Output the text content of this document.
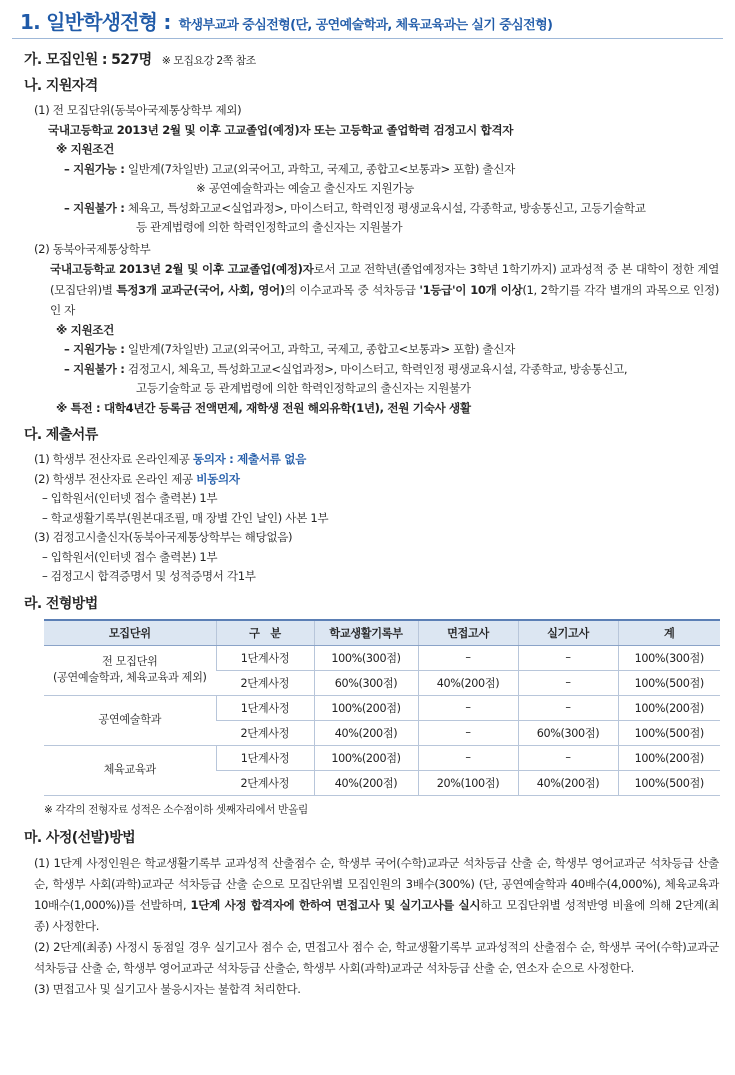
1. 일반학생전형 : 학생부교과 중심전형(단, 공연예술학과, 체육교육과는 실기 중심전형)
가. 모집인원 : 527명 ※ 모집요강 2쪽 참조
나. 지원자격
(1) 전 모집단위(동북아국제통상학부 제외)
국내고등학교 2013년 2월 및 이후 고교졸업(예정)자 또는 고등학교 졸업학력 검정고시 합격자
※ 지원조건
– 지원가능 : 일반계(7차일반) 고교(외국어고, 과학고, 국제고, 종합고<보통과> 포함) 출신자
※ 공연예술학과는 예술고 출신자도 지원가능
– 지원불가 : 체육고, 특성화고교<실업과정>, 마이스터고, 학력인정 평생교육시설, 각종학교, 방송통신고, 고등기술학교
등 관계법령에 의한 학력인정학교의 출신자는 지원불가
(2) 동북아국제통상학부
국내고등학교 2013년 2월 및 이후 고교졸업(예정)자로서 고교 전학년(졸업예정자는 3학년 1학기까지) 교과성적 중 본 대학이 정한 계열(모집단위)별 특정3개 교과군(국어, 사회, 영어)의 이수교과목 중 석차등급 '1등급'이 10개 이상(1, 2학기를 각각 별개의 과목으로 인정)인 자
※ 지원조건
– 지원가능 : 일반계(7차일반) 고교(외국어고, 과학고, 국제고, 종합고<보통과> 포함) 출신자
– 지원불가 : 검정고시, 체육고, 특성화고교<실업과정>, 마이스터고, 학력인정 평생교육시설, 각종학교, 방송통신고,
고등기술학교 등 관계법령에 의한 학력인정학교의 출신자는 지원불가
※ 특전 : 대학4년간 등록금 전액면제, 재학생 전원 해외유학(1년), 전원 기숙사 생활
다. 제출서류
(1) 학생부 전산자료 온라인제공 동의자 : 제출서류 없음
(2) 학생부 전산자료 온라인 제공 비동의자
– 입학원서(인터넷 접수 출력본) 1부
– 학교생활기록부(원본대조필, 매 장별 간인 날인) 사본 1부
(3) 검정고시출신자(동북아국제통상학부는 해당없음)
– 입학원서(인터넷 접수 출력본) 1부
– 검정고시 합격증명서 및 성적증명서 각1부
라. 전형방법
모집단위	구　분	학교생활기록부	면접고사	실기고사	계
전 모집단위
(공연예술학과, 체육교육과 제외)	1단계사정	100%(300점)	–	–	100%(300점)
	2단계사정	60%(300점)	40%(200점)	–	100%(500점)
공연예술학과	1단계사정	100%(200점)	–	–	100%(200점)
	2단계사정	40%(200점)	–	60%(300점)	100%(500점)
체육교육과	1단계사정	100%(200점)	–	–	100%(200점)
	2단계사정	40%(200점)	20%(100점)	40%(200점)	100%(500점)
※ 각각의 전형자료 성적은 소수점이하 셋째자리에서 반올림
마. 사정(선발)방법
(1) 1단계 사정인원은 학교생활기록부 교과성적 산출점수 순, 학생부 국어(수학)교과군 석차등급 산출 순, 학생부 영어교과군 석차등급 산출 순, 학생부 사회(과학)교과군 석차등급 산출 순으로 모집단위별 모집인원의 3배수(300%) (단, 공연예술학과 40배수(4,000%), 체육교육과 10배수(1,000%))를 선발하며, 1단계 사정 합격자에 한하여 면접고사 및 실기고사를 실시하고 모집단위별 성적반영 비율에 의해 2단계(최종) 사정한다.
(2) 2단계(최종) 사정시 동점일 경우 실기고사 점수 순, 면접고사 점수 순, 학교생활기록부 교과성적의 산출점수 순, 학생부 국어(수학)교과군 석차등급 산출 순, 학생부 영어교과군 석차등급 산출순, 학생부 사회(과학)교과군 석차등급 산출 순, 연소자 순으로 사정한다.
(3) 면접고사 및 실기고사 불응시자는 불합격 처리한다.
